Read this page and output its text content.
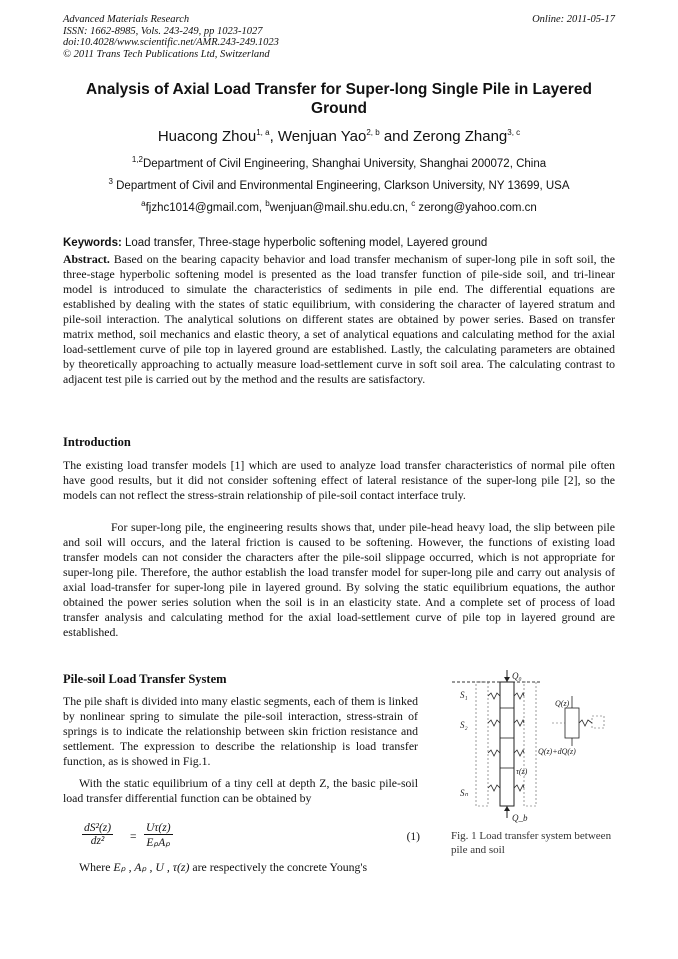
Advanced Materials Research
ISSN: 1662-8985, Vols. 243-249, pp 1023-1027
doi:10.4028/www.scientific.net/AMR.243-249.1023
© 2011 Trans Tech Publications Ltd, Switzerland
Online: 2011-05-17
Analysis of Axial Load Transfer for Super-long Single Pile in Layered Ground
Huacong Zhou$^{1, a}$, Wenjuan Yao$^{2, b}$ and Zerong Zhang$^{3, c}$
$^{1,2}$Department of Civil Engineering, Shanghai University, Shanghai 200072, China
$^3$ Department of Civil and Environmental Engineering, Clarkson University, NY 13699, USA
$^a$fjzhc1014@gmail.com, $^b$wenjuan@mail.shu.edu.cn, $^c$ zerong@yahoo.com.cn
Keywords: Load transfer, Three-stage hyperbolic softening model, Layered ground
Abstract. Based on the bearing capacity behavior and load transfer mechanism of super-long pile in soft soil, the three-stage hyperbolic softening model is presented as the load transfer function of pile-side soil, and tri-linear model is introduced to simulate the characteristics of sediments in pile end. The differential equations are established by dealing with the states of static equilibrium, with considering the character of layered stratum and pile-soil interaction. The analytical solutions on different states are obtained by power series. Based on transfer matrix method, soil mechanics and elastic theory, a set of analytical equations and calculating method for the axial load-settlement curve of pile top in layered ground are established. Lastly, the calculating parameters are obtained by theoretically approaching to actually measure load-settlement curve in soft soil area. The calculating contrast to adjacent test pile is carried out by the method and the results are satisfactory.
Introduction
The existing load transfer models [1] which are used to analyze load transfer characteristics of normal pile often have good results, but it did not consider softening effect of lateral resistance of the super-long pile [2], so the models can not reflect the stress-strain relationship of pile-soil contact interface truly.
For super-long pile, the engineering results shows that, under pile-head heavy load, the slip between pile and soil will occurs, and the lateral friction is caused to be softening. However, the functions of existing load transfer models can not consider the characters after the pile-soil slippage occurred, which is not appropriate for super-long pile. Therefore, the author establish the load transfer model for super-long pile and carry out analysis of axial load-transfer for super-long pile in layered ground. By solving the static equilibrium equations, the author obtained the power series solution when the soil is in an elasticity state. And a complete set of process of load transfer analysis and calculating method for the axial load-settlement curve of pile top in layered ground are established.
Pile-soil Load Transfer System
The pile shaft is divided into many elastic segments, each of them is linked by nonlinear spring to simulate the pile-soil interaction, stress-strain of springs is to indicate the relationship between skin friction resistance and settlement. The expression to describe the relationship is load transfer function, as is showed in Fig.1.
With the static equilibrium of a tiny cell at depth Z, the basic pile-soil load transfer differential function can be obtained by
$\frac{\text{dS²(z)}}{\text{dz²}}$ =
Uτ(z)
EₚAₚ	(1)
Where Eₚ , Aₚ , U , τ(z) are respectively the concrete Young's
Q₀
Q_b
Q(z)
Q(z)+dQ(z)
τ(z)
S₁
S₂
Sₙ
Fig. 1 Load transfer system between pile and soil
